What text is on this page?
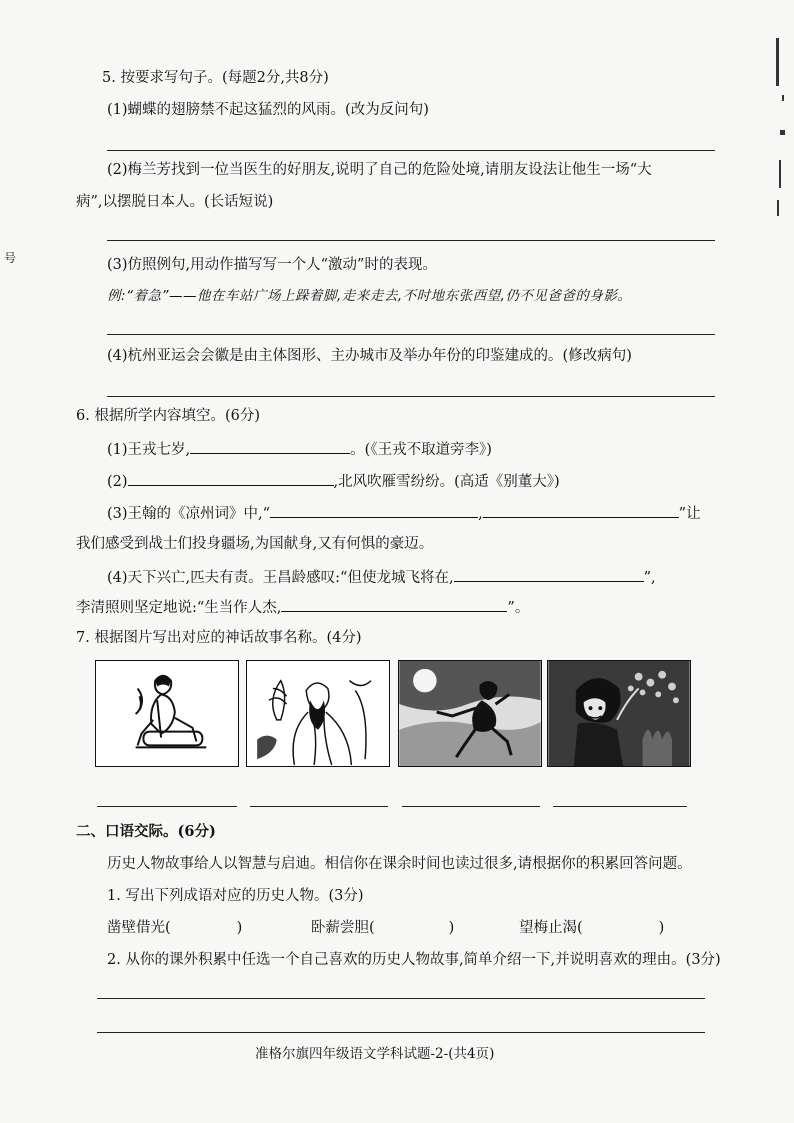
号
5. 按要求写句子。(每题2分,共8分)
(1)蝴蝶的翅膀禁不起这猛烈的风雨。(改为反问句)
(2)梅兰芳找到一位当医生的好朋友,说明了自己的危险处境,请朋友设法让他生一场“大
病”,以摆脱日本人。(长话短说)
(3)仿照例句,用动作描写写一个人“激动”时的表现。
例:“着急”——他在车站广场上跺着脚,走来走去,不时地东张西望,仍不见爸爸的身影。
(4)杭州亚运会会徽是由主体图形、主办城市及举办年份的印鉴建成的。(修改病句)
6. 根据所学内容填空。(6分)
(1)王戎七岁,	。(《王戎不取道旁李》)
(2)	,北风吹雁雪纷纷。(高适《别董大》)
(3)王翰的《凉州词》中,“	,	”让
我们感受到战士们投身疆场,为国献身,又有何惧的豪迈。
(4)天下兴亡,匹夫有责。王昌龄感叹:“但使龙城飞将在,	”,
李清照则坚定地说:“生当作人杰,	”。
7. 根据图片写出对应的神话故事名称。(4分)
二、口语交际。(6分)
历史人物故事给人以智慧与启迪。相信你在课余时间也读过很多,请根据你的积累回答问题。
1. 写出下列成语对应的历史人物。(3分)
凿壁借光(	)	卧薪尝胆(	)	望梅止渴(	)
2. 从你的课外积累中任选一个自己喜欢的历史人物故事,简单介绍一下,并说明喜欢的理由。(3分)
准格尔旗四年级语文学科试题-2-(共4页)
